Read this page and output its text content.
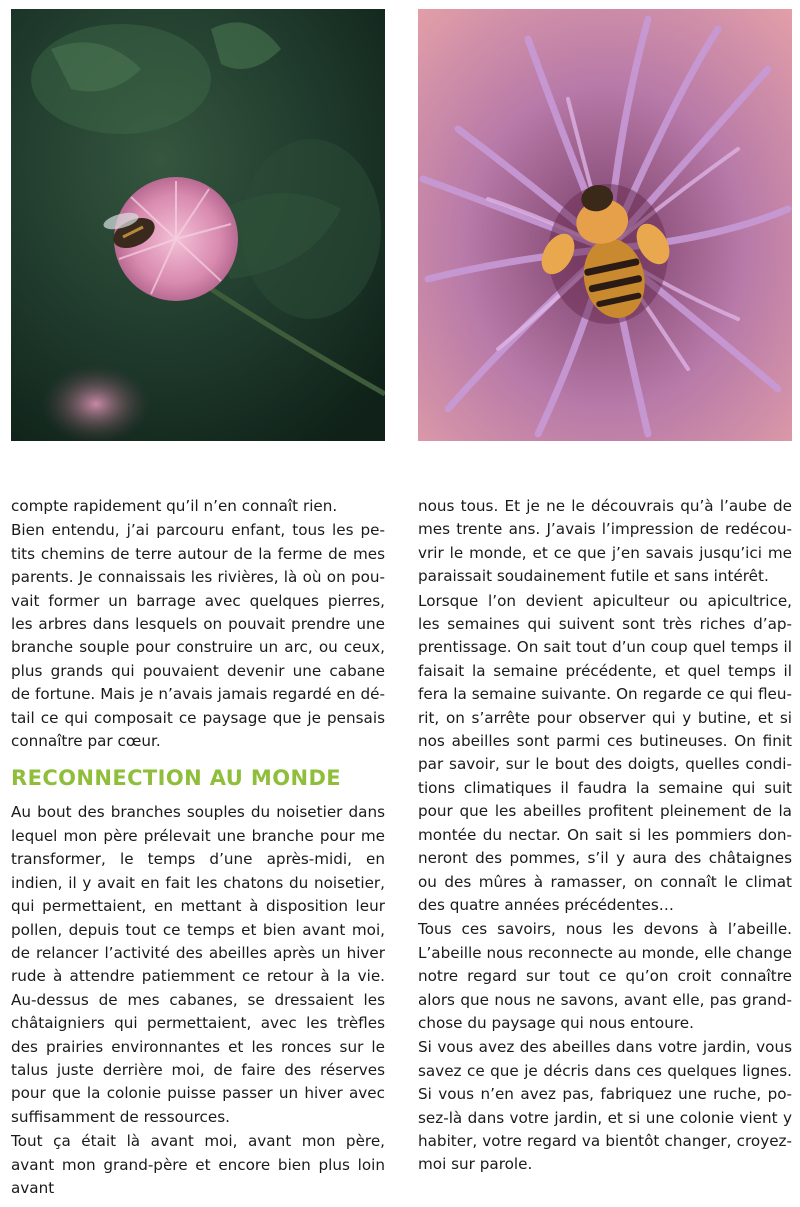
compte rapidement qu’il n’en connaît rien.

Bien entendu, j’ai parcouru enfant, tous les petits chemins de terre autour de la ferme de mes parents. Je connaissais les rivières, là où on pouvait former un barrage avec quelques pierres, les arbres dans lesquels on pouvait prendre une branche souple pour construire un arc, ou ceux, plus grands qui pouvaient devenir une cabane de fortune. Mais je n’avais jamais regardé en détail ce qui composait ce paysage que je pensais connaître par cœur.

RECONNECTION AU MONDE

Au bout des branches souples du noisetier dans lequel mon père prélevait une branche pour me transformer, le temps d’une après-midi, en indien, il y avait en fait les chatons du noisetier, qui permettaient, en mettant à disposition leur pollen, depuis tout ce temps et bien avant moi, de relancer l’activité des abeilles après un hiver rude à attendre patiemment ce retour à la vie. Au-dessus de mes cabanes, se dressaient les châtaigniers qui permettaient, avec les trèfles des prairies environnantes et les ronces sur le talus juste derrière moi, de faire des réserves pour que la colonie puisse passer un hiver avec suffisamment de ressources.

Tout ça était là avant moi, avant mon père, avant mon grand-père et encore bien plus loin avant

nous tous. Et je ne le découvrais qu’à l’aube de mes trente ans. J’avais l’impression de redécouvrir le monde, et ce que j’en savais jusqu’ici me paraissait soudainement futile et sans intérêt.

Lorsque l’on devient apiculteur ou apicultrice, les semaines qui suivent sont très riches d’apprentissage. On sait tout d’un coup quel temps il faisait la semaine précédente, et quel temps il fera la semaine suivante. On regarde ce qui fleurit, on s’arrête pour observer qui y butine, et si nos abeilles sont parmi ces butineuses. On finit par savoir, sur le bout des doigts, quelles conditions climatiques il faudra la semaine qui suit pour que les abeilles profitent pleinement de la montée du nectar. On sait si les pommiers donneront des pommes, s’il y aura des châtaignes ou des mûres à ramasser, on connaît le climat des quatre années précédentes…

Tous ces savoirs, nous les devons à l’abeille. L’abeille nous reconnecte au monde, elle change notre regard sur tout ce qu’on croit connaître alors que nous ne savons, avant elle, pas grand-chose du paysage qui nous entoure.

Si vous avez des abeilles dans votre jardin, vous savez ce que je décris dans ces quelques lignes. Si vous n’en avez pas, fabriquez une ruche, posez-là dans votre jardin, et si une colonie vient y habiter, votre regard va bientôt changer, croyez-moi sur parole.
